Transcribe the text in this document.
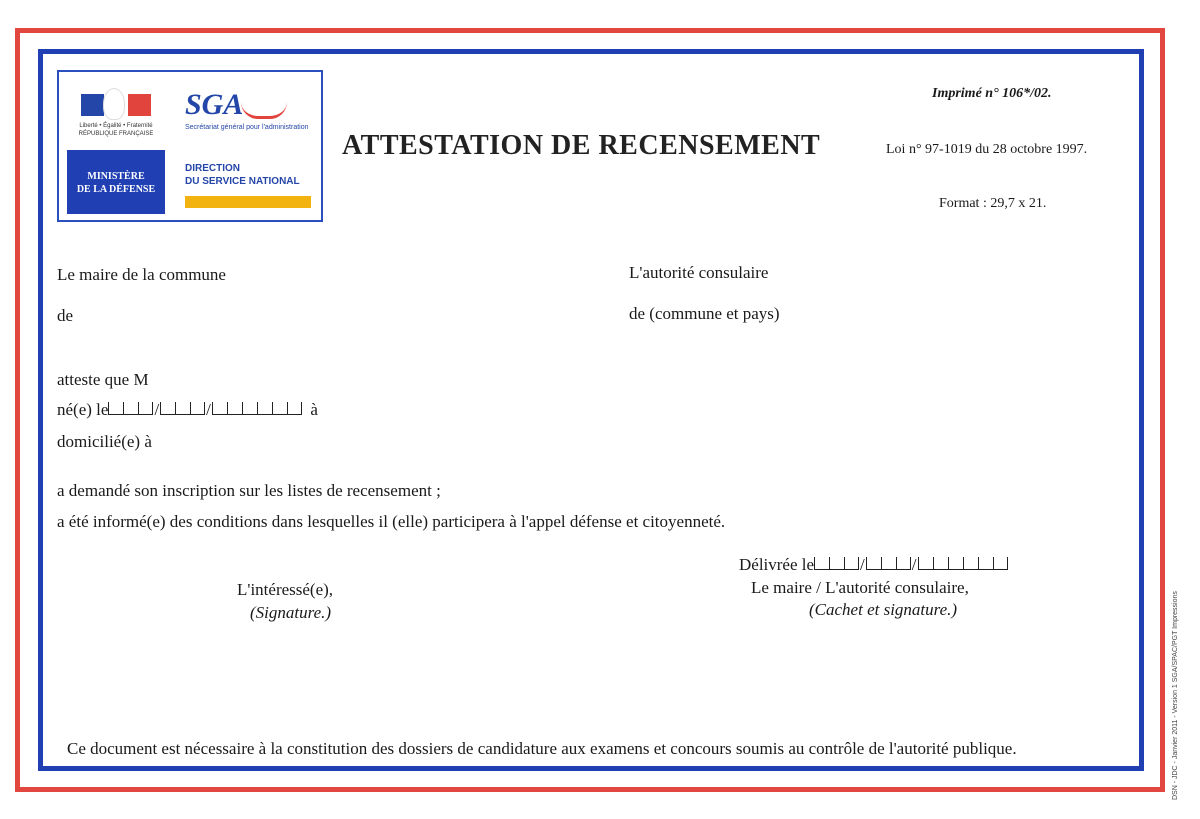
Liberté • Égalité • Fraternité
RÉPUBLIQUE FRANÇAISE
MINISTÈRE
DE LA DÉFENSE
SGA
Secrétariat général pour l'administration
DIRECTION
DU SERVICE NATIONAL
ATTESTATION DE RECENSEMENT
Imprimé n° 106*/02.
Loi n° 97-1019 du 28 octobre 1997.
Format : 29,7 x 21.
Le maire de la commune
de
L'autorité consulaire
de (commune et pays)
atteste que M
né(e) le	/	/	à
domicilié(e) à
a demandé son inscription sur les listes de recensement ;
a été informé(e) des conditions dans lesquelles il (elle) participera à l'appel défense et citoyenneté.
Délivrée le	/	/
L'intéressé(e),
(Signature.)
Le maire / L'autorité consulaire,
(Cachet et signature.)
Ce document est nécessaire à la constitution des dossiers de candidature aux examens et concours soumis au contrôle de l'autorité publique.	DSN - JDC - Janvier 2011 - Version 1 SGA/SPAC/PGT Impressions
